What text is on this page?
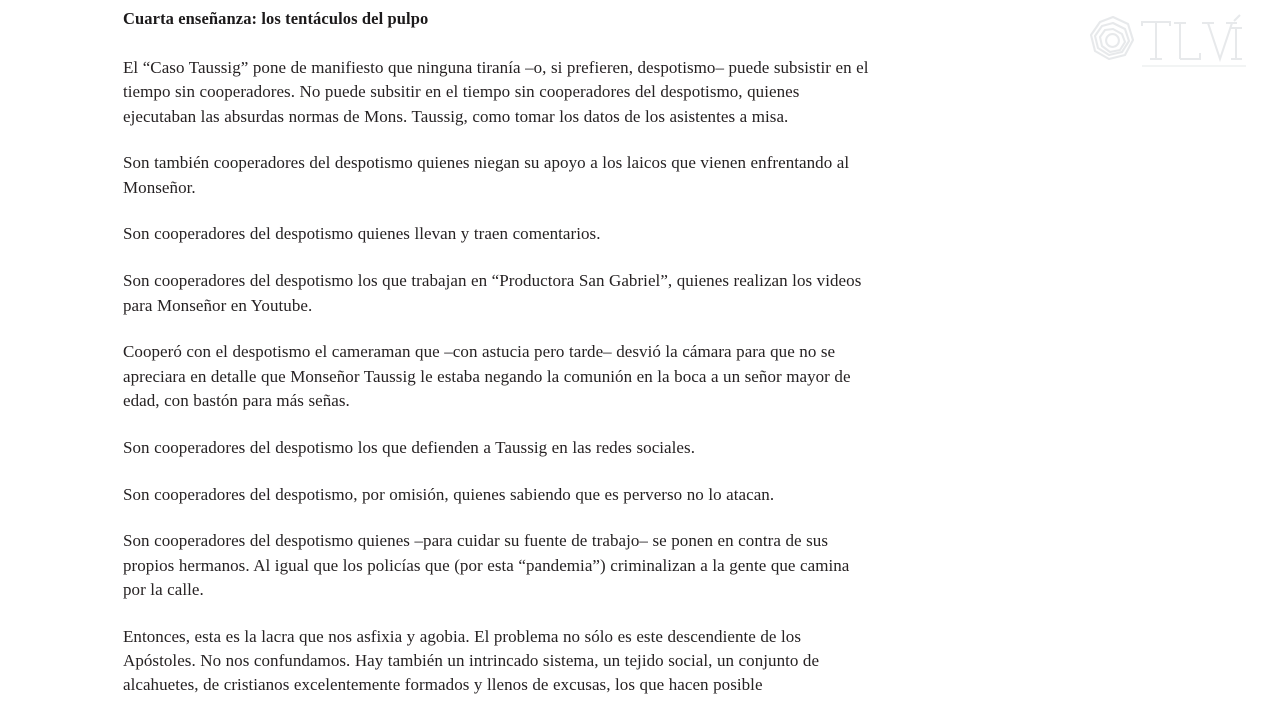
Cuarta enseñanza: los tentáculos del pulpo

El “Caso Taussig” pone de manifiesto que ninguna tiranía –o, si prefieren, despotismo– puede subsistir en el tiempo sin cooperadores. No puede subsitir en el tiempo sin cooperadores del despotismo, quienes ejecutaban las absurdas normas de Mons. Taussig, como tomar los datos de los asistentes a misa.

Son también cooperadores del despotismo quienes niegan su apoyo a los laicos que vienen enfrentando al Monseñor.

Son cooperadores del despotismo quienes llevan y traen comentarios.

Son cooperadores del despotismo los que trabajan en “Productora San Gabriel”, quienes realizan los videos para Monseñor en Youtube.

Cooperó con el despotismo el cameraman que –con astucia pero tarde– desvió la cámara para que no se apreciara en detalle que Monseñor Taussig le estaba negando la comunión en la boca a un señor mayor de edad, con bastón para más señas.

Son cooperadores del despotismo los que defienden a Taussig en las redes sociales.

Son cooperadores del despotismo, por omisión, quienes sabiendo que es perverso no lo atacan.

Son cooperadores del despotismo quienes –para cuidar su fuente de trabajo– se ponen en contra de sus propios hermanos. Al igual que los policías que (por esta “pandemia”) criminalizan a la gente que camina por la calle.

Entonces, esta es la lacra que nos asfixia y agobia. El problema no sólo es este descendiente de los Apóstoles. No nos confundamos. Hay también un intrincado sistema, un tejido social, un conjunto de alcahuetes, de cristianos excelentemente formados y llenos de excusas, los que hacen posible
